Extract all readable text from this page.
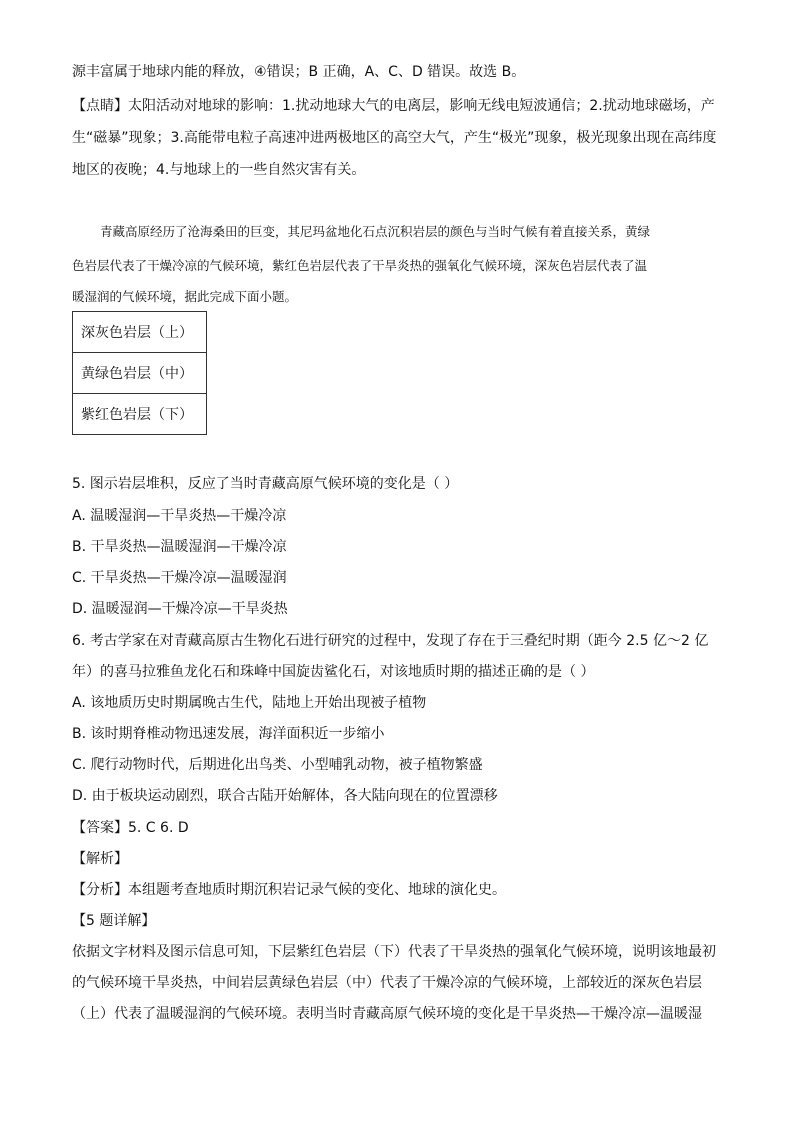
源丰富属于地球内能的释放，④错误；B 正确，A、C、D 错误。故选 B。
【点睛】太阳活动对地球的影响：1.扰动地球大气的电离层，影响无线电短波通信；2.扰动地球磁场，产
生“磁暴”现象；3.高能带电粒子高速冲进两极地区的高空大气，产生“极光”现象，极光现象出现在高纬度
地区的夜晚；4.与地球上的一些自然灾害有关。
青藏高原经历了沧海桑田的巨变，其尼玛盆地化石点沉积岩层的颜色与当时气候有着直接关系，黄绿
色岩层代表了干燥冷凉的气候环境，紫红色岩层代表了干旱炎热的强氧化气候环境，深灰色岩层代表了温
暖湿润的气候环境，据此完成下面小题。
深灰色岩层（上）
黄绿色岩层（中）
紫红色岩层（下）
5. 图示岩层堆积，反应了当时青藏高原气候环境的变化是（ ）
A. 温暖湿润—干旱炎热—干燥冷凉
B. 干旱炎热—温暖湿润—干燥冷凉
C. 干旱炎热—干燥冷凉—温暖湿润
D. 温暖湿润—干燥冷凉—干旱炎热
6. 考古学家在对青藏高原古生物化石进行研究的过程中，发现了存在于三叠纪时期（距今 2.5 亿～2 亿
年）的喜马拉雅鱼龙化石和珠峰中国旋齿鲨化石，对该地质时期的描述正确的是（ ）
A. 该地质历史时期属晚古生代，陆地上开始出现被子植物
B. 该时期脊椎动物迅速发展，海洋面积近一步缩小
C. 爬行动物时代，后期进化出鸟类、小型哺乳动物，被子植物繁盛
D. 由于板块运动剧烈，联合古陆开始解体，各大陆向现在的位置漂移
【答案】5. C 6. D
【解析】
【分析】本组题考查地质时期沉积岩记录气候的变化、地球的演化史。
【5 题详解】
依据文字材料及图示信息可知，下层紫红色岩层（下）代表了干旱炎热的强氧化气候环境，说明该地最初
的气候环境干旱炎热，中间岩层黄绿色岩层（中）代表了干燥冷凉的气候环境，上部较近的深灰色岩层
（上）代表了温暖湿润的气候环境。表明当时青藏高原气候环境的变化是干旱炎热—干燥冷凉—温暖湿
